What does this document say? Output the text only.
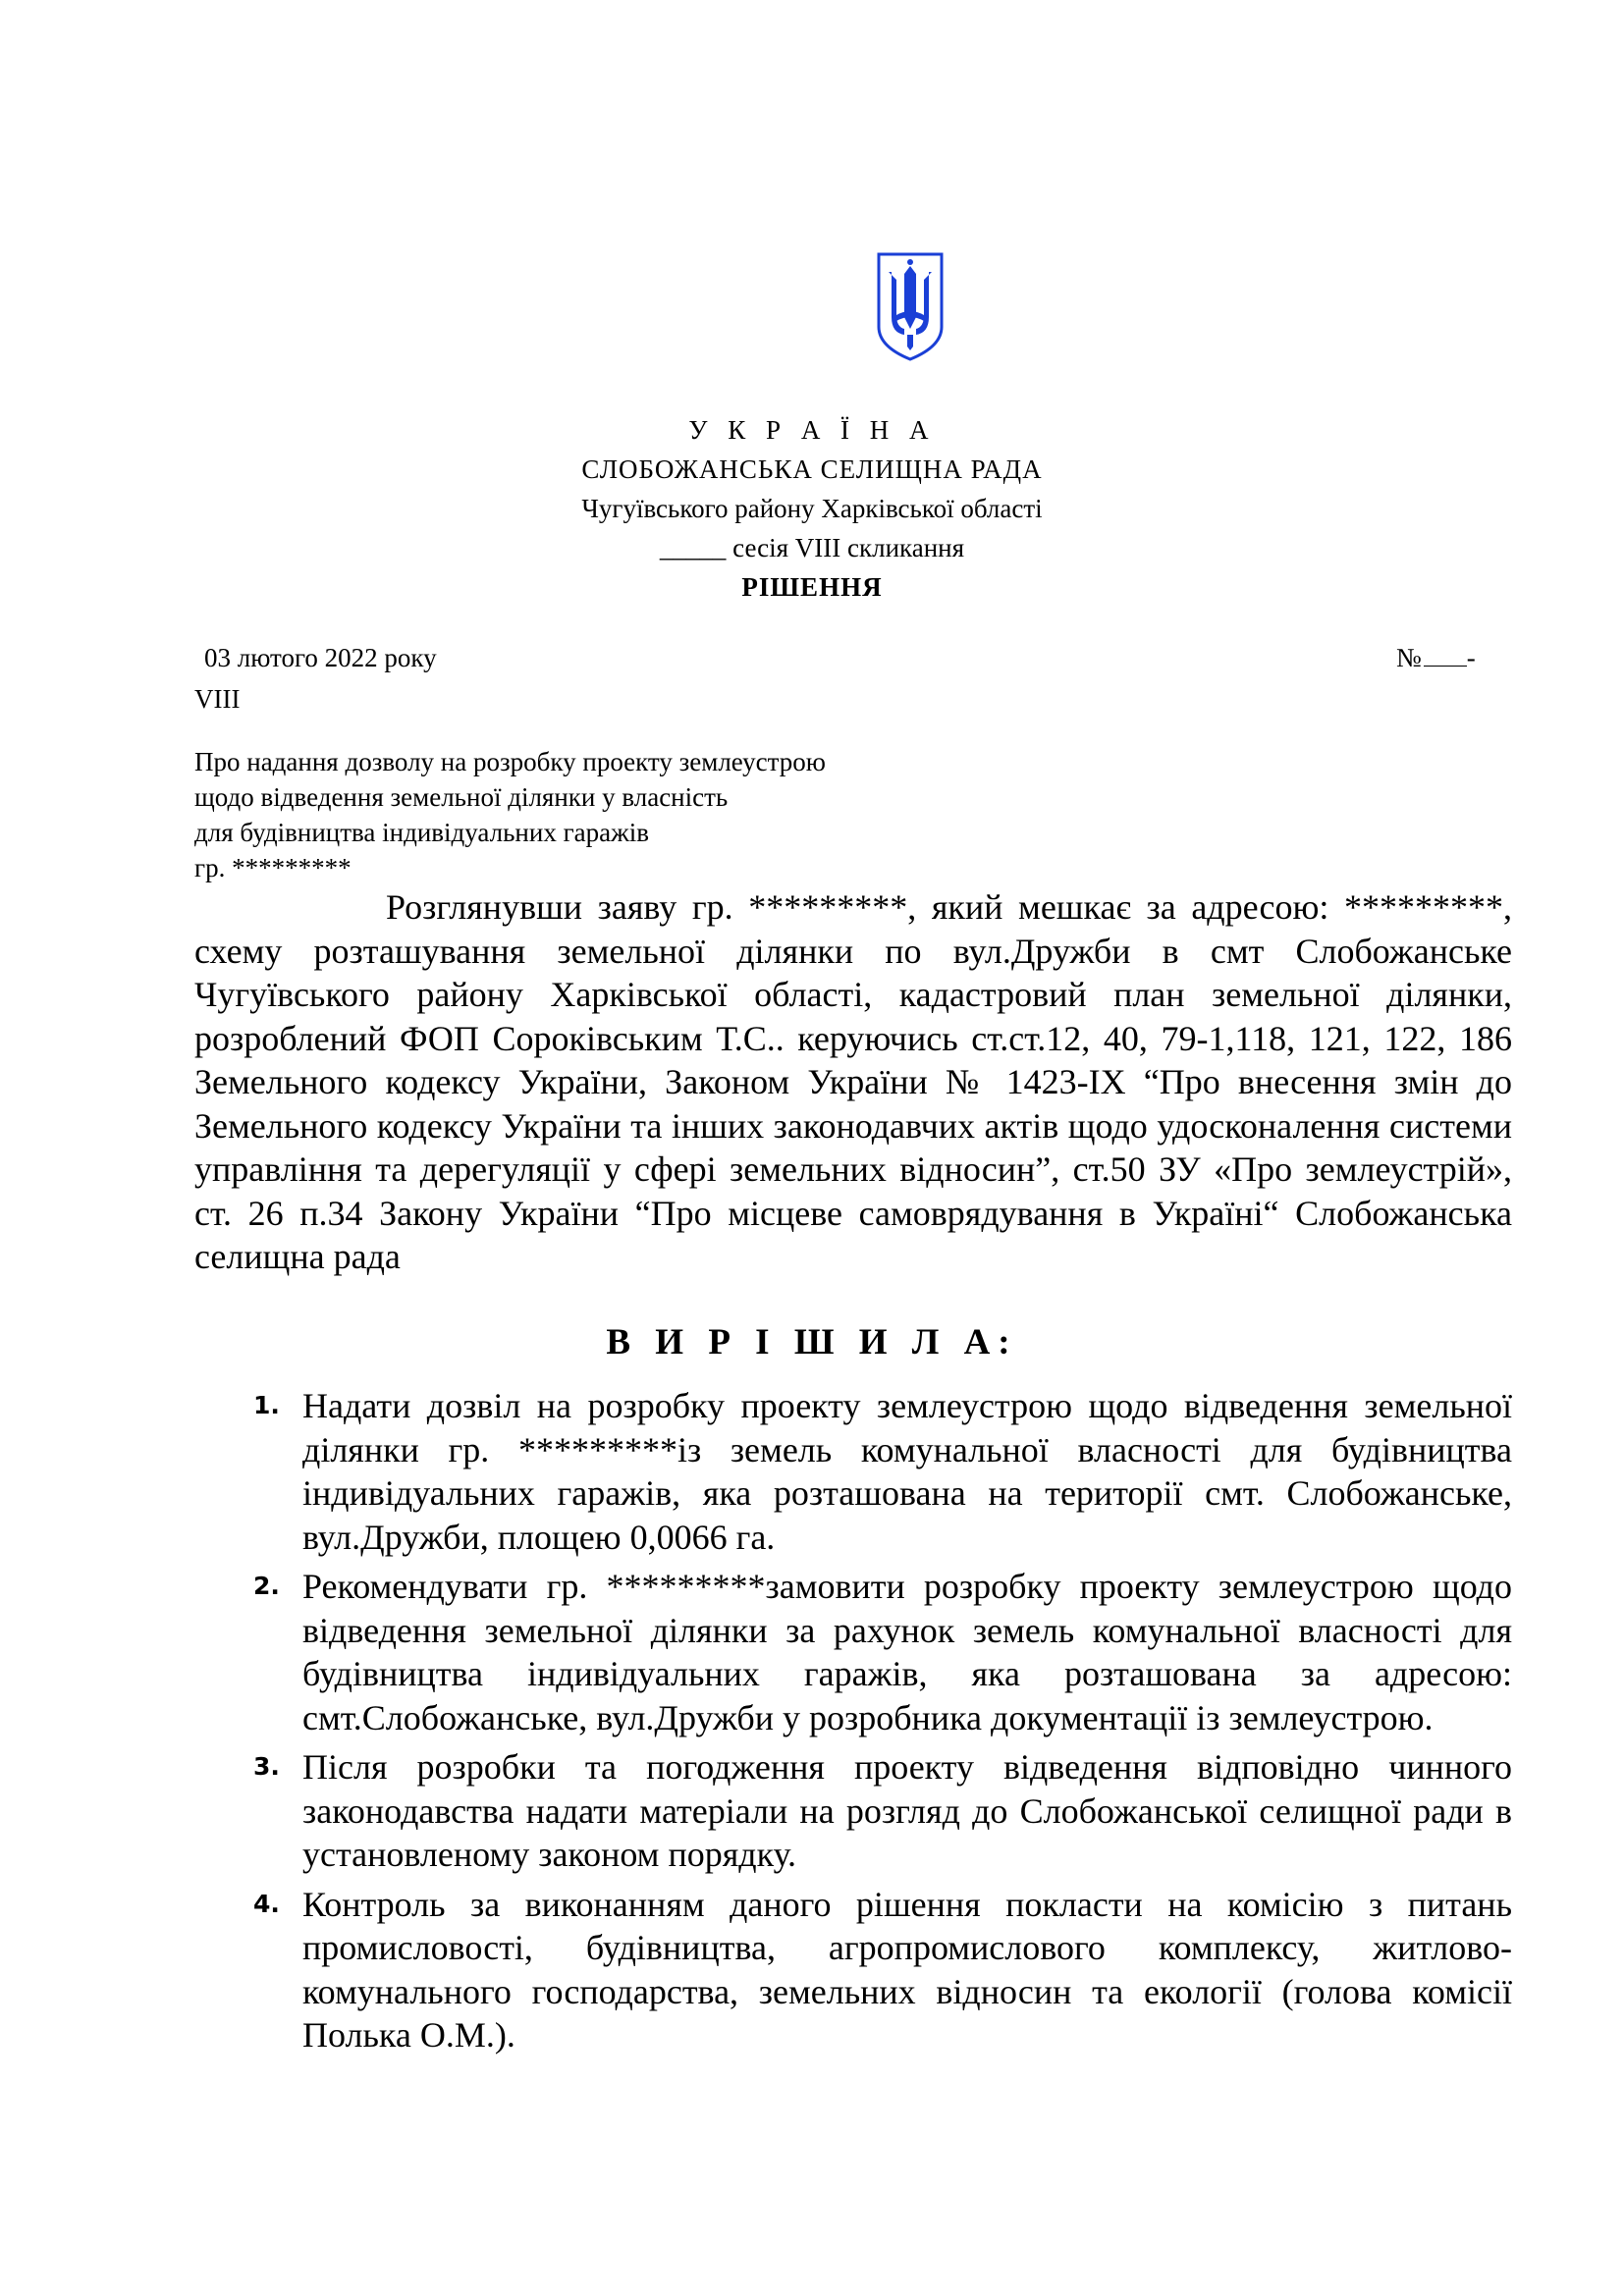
У К Р А Ї Н А
СЛОБОЖАНСЬКА СЕЛИЩНА РАДА
Чугуївського району Харківської області
_____ сесія VIII скликання
РІШЕННЯ
03 лютого 2022 року	№ -
VIII
Про надання дозволу на розробку проекту землеустрою
щодо відведення земельної ділянки у власність
для будівництва індивідуальних гаражів
гр. *********

Розглянувши заяву гр. *********, який мешкає за адресою: *********, схему розташування земельної ділянки по вул.Дружби в смт Слобожанське Чугуївського району Харківської області, кадастровий план земельної ділянки, розроблений ФОП Сороківським Т.С.. керуючись ст.ст.12, 40, 79-1,118, 121, 122, 186 Земельного кодексу України, Законом України № 1423-ІХ “Про внесення змін до Земельного кодексу України та інших законодавчих актів щодо удосконалення системи управління та дерегуляції у сфері земельних відносин”, ст.50 ЗУ «Про землеустрій», ст. 26 п.34 Закону України “Про місцеве самоврядування в Україні“ Слобожанська селищна рада

В И Р І Ш И Л А:
1. Надати дозвіл на розробку проекту землеустрою щодо відведення земельної ділянки гр. *********із земель комунальної власності для будівництва індивідуальних гаражів, яка розташована на території смт. Слобожанське, вул.Дружби, площею 0,0066 га.
2. Рекомендувати гр. *********замовити розробку проекту землеустрою щодо відведення земельної ділянки за рахунок земель комунальної власності для будівництва індивідуальних гаражів, яка розташована за адресою: смт.Слобожанське, вул.Дружби у розробника документації із землеустрою.
3. Після розробки та погодження проекту відведення відповідно чинного законодавства надати матеріали на розгляд до Слобожанської селищної ради в установленому законом порядку.
4. Контроль за виконанням даного рішення покласти на комісію з питань промисловості, будівництва, агропромислового комплексу, житлово-комунального господарства, земельних відносин та екології (голова комісії Полька О.М.).
